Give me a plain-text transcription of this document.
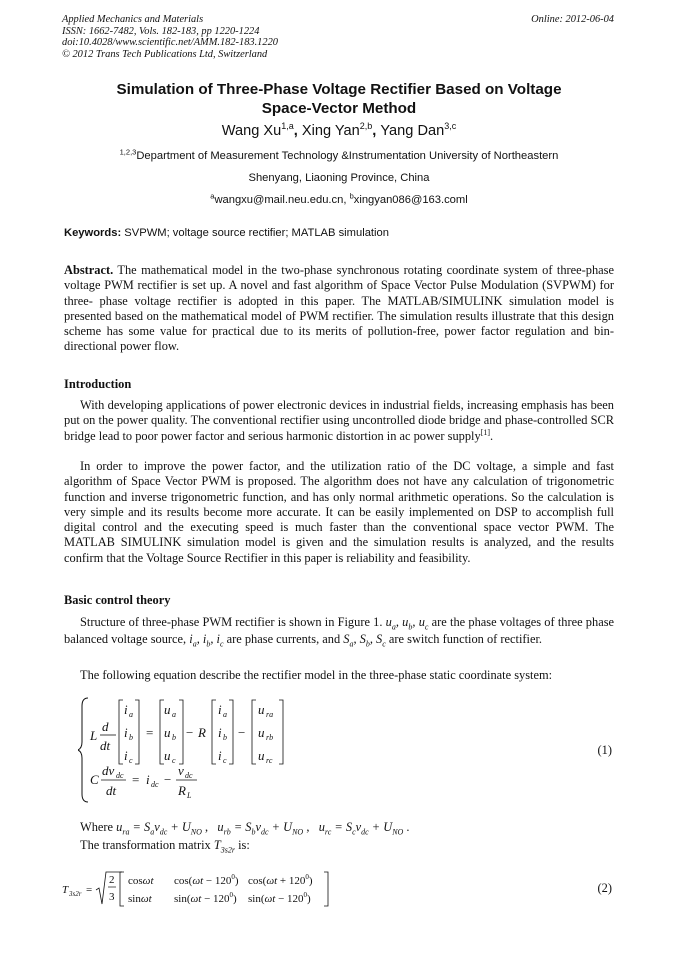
Applied Mechanics and Materials
ISSN: 1662-7482, Vols. 182-183, pp 1220-1224
doi:10.4028/www.scientific.net/AMM.182-183.1220
© 2012 Trans Tech Publications Ltd, Switzerland
Online: 2012-06-04
Simulation of Three-Phase Voltage Rectifier Based on Voltage
Space-Vector Method
Wang Xu$^{1,a}$, Xing Yan$^{2,b}$, Yang Dan$^{3,c}$
$^{1,2,3}$Department of Measurement Technology &Instrumentation University of Northeastern
Shenyang, Liaoning Province, China
$^a$wangxu@mail.neu.edu.cn, $^b$xingyan086@163.coml
Keywords: SVPWM; voltage source rectifier; MATLAB simulation
Abstract. The mathematical model in the two-phase synchronous rotating coordinate system of three-phase voltage PWM rectifier is set up. A novel and fast algorithm of Space Vector Pulse Modulation (SVPWM) for three- phase voltage rectifier is adopted in this paper. The MATLAB/SIMULINK simulation model is presented based on the mathematical model of PWM rectifier. The simulation results illustrate that this design scheme has some value for practical due to its merits of pollution-free, power factor regulation and bin-directional power flow.
Introduction
With developing applications of power electronic devices in industrial fields, increasing emphasis has been put on the power quality. The conventional rectifier using uncontrolled diode bridge and phase-controlled SCR bridge lead to poor power factor and serious harmonic distortion in ac power supply[1].
In order to improve the power factor, and the utilization ratio of the DC voltage, a simple and fast algorithm of Space Vector PWM is proposed. The algorithm does not have any calculation of trigonometric function and inverse trigonometric function, and has only normal arithmetic operations. So the calculation is very simple and its results become more accurate. It can be easily implemented on DSP to accomplish full digital control and the executing speed is much faster than the conventional space vector PWM. The MATLAB SIMULINK simulation model is given and the simulation results is analyzed, and the results confirm that the Voltage Source Rectifier in this paper is reliability and feasibility.
Basic control theory
Structure of three-phase PWM rectifier is shown in Figure 1. $u_a$, $u_b$, $u_c$ are the phase voltages of three phase balanced voltage source, $i_a$, $i_b$, $i_c$ are phase currents, and $S_a$, $S_b$, $S_c$ are switch function of rectifier.
The following equation describe the rectifier model in the three-phase static coordinate system:
L
d
dt
i a
i b
i c
=
u a
u b
u c
− R
i a
i b
i c
−
u ra
u rb
u rc
C
dv dc
dt
= i dc −
v dc
R L
(1)
Where $u_{ra} = S_av_{dc} + U_{NO}$ ,   $u_{rb} = S_bv_{dc} + U_{NO}$ ,   $u_{rc} = S_cv_{dc} + U_{NO}$ .
The transformation matrix $T_{3s2r}$ is:
T 3s2r =
2
3
cosωt $\cos(\omega t - 120^0)$ $\cos(\omega t + 120^0)$
sinωt $\sin(\omega t - 120^0)$ $\sin(\omega t - 120^0)$
(2)
